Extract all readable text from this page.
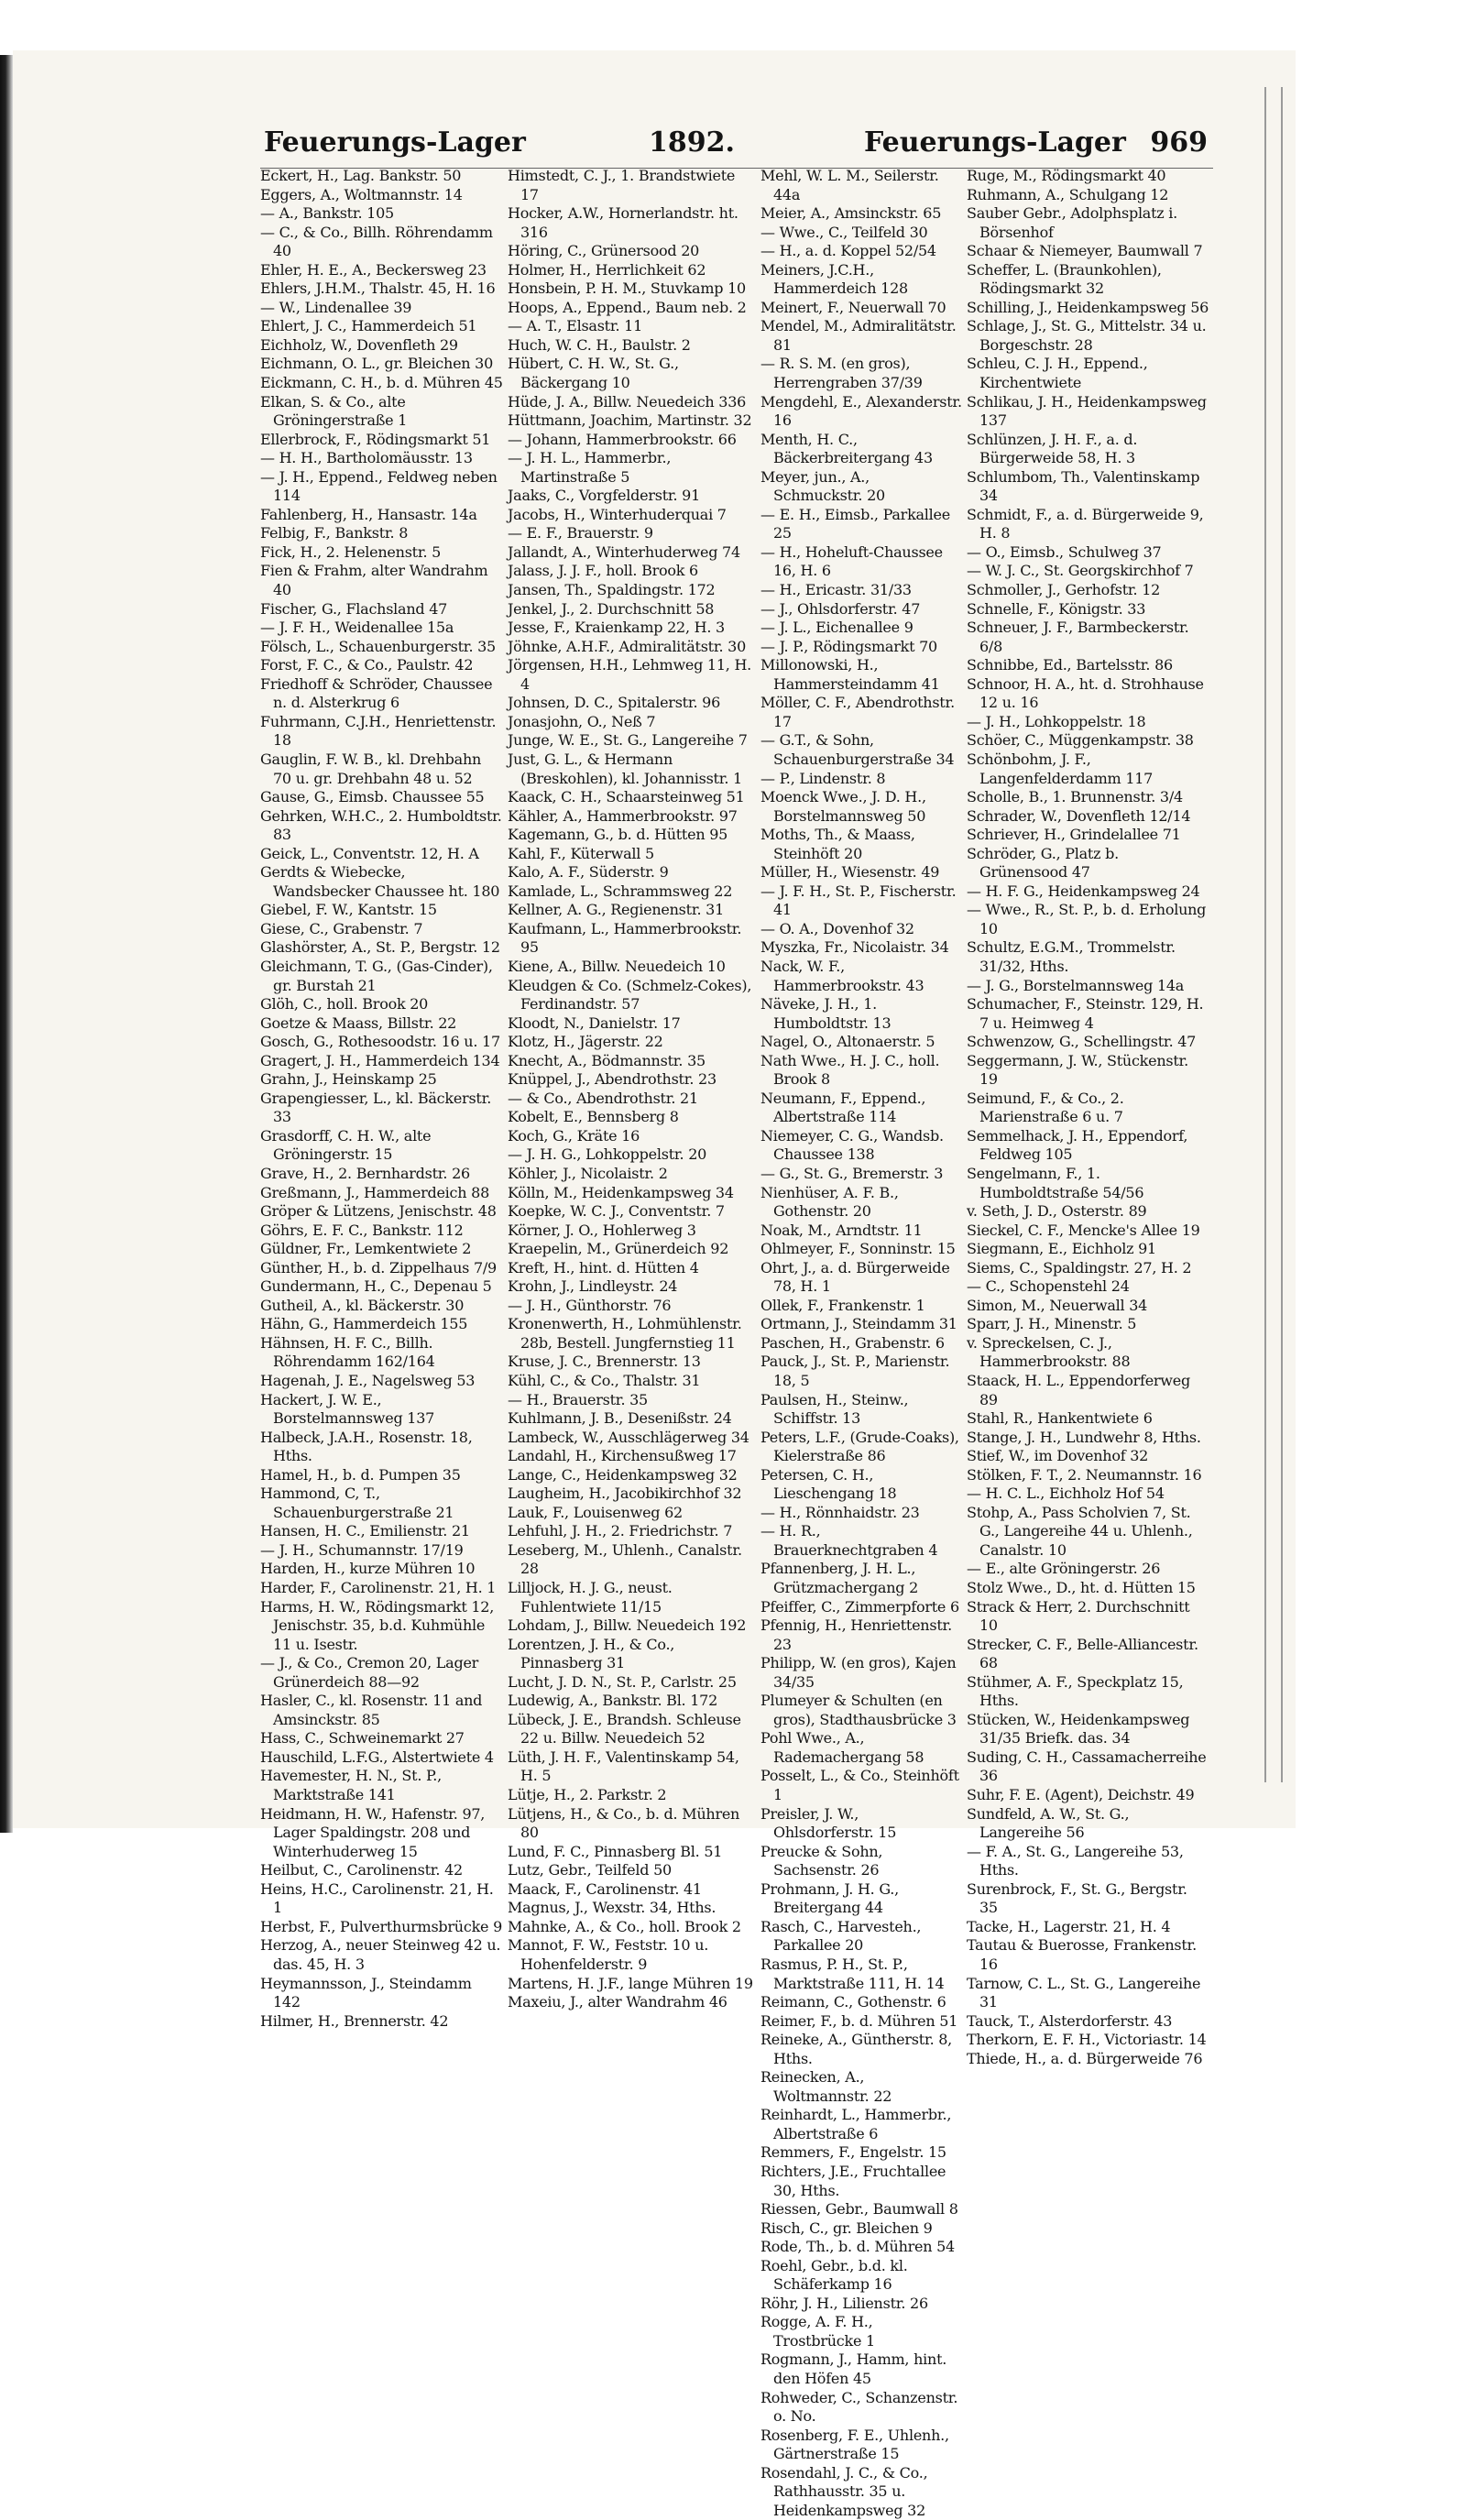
Feuerungs-Lager	1892.	Feuerungs-Lager 969
Eckert, H., Lag. Bankstr. 50
Eggers, A., Woltmannstr. 14
— A., Bankstr. 105
— C., & Co., Billh. Röhrendamm 40
Ehler, H. E., A., Beckersweg 23
Ehlers, J.H.M., Thalstr. 45, H. 16
— W., Lindenallee 39
Ehlert, J. C., Hammerdeich 51
Eichholz, W., Dovenfleth 29
Eichmann, O. L., gr. Bleichen 30
Eickmann, C. H., b. d. Mühren 45
Elkan, S. & Co., alte Gröningerstraße 1
Ellerbrock, F., Rödingsmarkt 51
— H. H., Bartholomäusstr. 13
— J. H., Eppend., Feldweg neben 114
Fahlenberg, H., Hansastr. 14a
Felbig, F., Bankstr. 8
Fick, H., 2. Helenenstr. 5
Fien & Frahm, alter Wandrahm 40
Fischer, G., Flachsland 47
— J. F. H., Weidenallee 15a
Fölsch, L., Schauenburgerstr. 35
Forst, F. C., & Co., Paulstr. 42
Friedhoff & Schröder, Chaussee n. d. Alsterkrug 6
Fuhrmann, C.J.H., Henriettenstr. 18
Gauglin, F. W. B., kl. Drehbahn 70 u. gr. Drehbahn 48 u. 52
Gause, G., Eimsb. Chaussee 55
Gehrken, W.H.C., 2. Humboldtstr. 83
Geick, L., Conventstr. 12, H. A
Gerdts & Wiebecke, Wandsbecker Chaussee ht. 180
Giebel, F. W., Kantstr. 15
Giese, C., Grabenstr. 7
Glashörster, A., St. P., Bergstr. 12
Gleichmann, T. G., (Gas-Cinder), gr. Burstah 21
Glöh, C., holl. Brook 20
Goetze & Maass, Billstr. 22
Gosch, G., Rothesoodstr. 16 u. 17
Gragert, J. H., Hammerdeich 134
Grahn, J., Heinskamp 25
Grapengiesser, L., kl. Bäckerstr. 33
Grasdorff, C. H. W., alte Gröningerstr. 15
Grave, H., 2. Bernhardstr. 26
Greßmann, J., Hammerdeich 88
Gröper & Lützens, Jenischstr. 48
Göhrs, E. F. C., Bankstr. 112
Güldner, Fr., Lemkentwiete 2
Günther, H., b. d. Zippelhaus 7/9
Gundermann, H., C., Depenau 5
Gutheil, A., kl. Bäckerstr. 30
Hähn, G., Hammerdeich 155
Hähnsen, H. F. C., Billh. Röhrendamm 162/164
Hagenah, J. E., Nagelsweg 53
Hackert, J. W. E., Borstelmannsweg 137
Halbeck, J.A.H., Rosenstr. 18, Hths.
Hamel, H., b. d. Pumpen 35
Hammond, C, T., Schauenburgerstraße 21
Hansen, H. C., Emilienstr. 21
— J. H., Schumannstr. 17/19
Harden, H., kurze Mühren 10
Harder, F., Carolinenstr. 21, H. 1
Harms, H. W., Rödingsmarkt 12, Jenischstr. 35, b.d. Kuhmühle 11 u. Isestr.
— J., & Co., Cremon 20, Lager Grünerdeich 88—92
Hasler, C., kl. Rosenstr. 11 and Amsinckstr. 85
Hass, C., Schweinemarkt 27
Hauschild, L.F.G., Alstertwiete 4
Havemester, H. N., St. P., Marktstraße 141
Heidmann, H. W., Hafenstr. 97, Lager Spaldingstr. 208 und Winterhuderweg 15
Heilbut, C., Carolinenstr. 42
Heins, H.C., Carolinenstr. 21, H. 1
Herbst, F., Pulverthurmsbrücke 9
Herzog, A., neuer Steinweg 42 u. das. 45, H. 3
Heymannsson, J., Steindamm 142
Hilmer, H., Brennerstr. 42
Himstedt, C. J., 1. Brandstwiete 17
Hocker, A.W., Hornerlandstr. ht. 316
Höring, C., Grünersood 20
Holmer, H., Herrlichkeit 62
Honsbein, P. H. M., Stuvkamp 10
Hoops, A., Eppend., Baum neb. 2
— A. T., Elsastr. 11
Huch, W. C. H., Baulstr. 2
Hübert, C. H. W., St. G., Bäckergang 10
Hüde, J. A., Billw. Neuedeich 336
Hüttmann, Joachim, Martinstr. 32
— Johann, Hammerbrookstr. 66
— J. H. L., Hammerbr., Martinstraße 5
Jaaks, C., Vorgfelderstr. 91
Jacobs, H., Winterhuderquai 7
— E. F., Brauerstr. 9
Jallandt, A., Winterhuderweg 74
Jalass, J. J. F., holl. Brook 6
Jansen, Th., Spaldingstr. 172
Jenkel, J., 2. Durchschnitt 58
Jesse, F., Kraienkamp 22, H. 3
Jöhnke, A.H.F., Admiralitätstr. 30
Jörgensen, H.H., Lehmweg 11, H. 4
Johnsen, D. C., Spitalerstr. 96
Jonasjohn, O., Neß 7
Junge, W. E., St. G., Langereihe 7
Just, G. L., & Hermann (Breskohlen), kl. Johannisstr. 1
Kaack, C. H., Schaarsteinweg 51
Kähler, A., Hammerbrookstr. 97
Kagemann, G., b. d. Hütten 95
Kahl, F., Küterwall 5
Kalo, A. F., Süderstr. 9
Kamlade, L., Schrammsweg 22
Kellner, A. G., Regienenstr. 31
Kaufmann, L., Hammerbrookstr. 95
Kiene, A., Billw. Neuedeich 10
Kleudgen & Co. (Schmelz-Cokes), Ferdinandstr. 57
Kloodt, N., Danielstr. 17
Klotz, H., Jägerstr. 22
Knecht, A., Bödmannstr. 35
Knüppel, J., Abendrothstr. 23
— & Co., Abendrothstr. 21
Kobelt, E., Bennsberg 8
Koch, G., Kräte 16
— J. H. G., Lohkoppelstr. 20
Köhler, J., Nicolaistr. 2
Kölln, M., Heidenkampsweg 34
Koepke, W. C. J., Conventstr. 7
Körner, J. O., Hohlerweg 3
Kraepelin, M., Grünerdeich 92
Kreft, H., hint. d. Hütten 4
Krohn, J., Lindleystr. 24
— J. H., Günthorstr. 76
Kronenwerth, H., Lohmühlenstr. 28b, Bestell. Jungfernstieg 11
Kruse, J. C., Brennerstr. 13
Kühl, C., & Co., Thalstr. 31
— H., Brauerstr. 35
Kuhlmann, J. B., Desenißstr. 24
Lambeck, W., Ausschlägerweg 34
Landahl, H., Kirchensußweg 17
Lange, C., Heidenkampsweg 32
Laugheim, H., Jacobikirchhof 32
Lauk, F., Louisenweg 62
Lehfuhl, J. H., 2. Friedrichstr. 7
Leseberg, M., Uhlenh., Canalstr. 28
Lilljock, H. J. G., neust. Fuhlentwiete 11/15
Lohdam, J., Billw. Neuedeich 192
Lorentzen, J. H., & Co., Pinnasberg 31
Lucht, J. D. N., St. P., Carlstr. 25
Ludewig, A., Bankstr. Bl. 172
Lübeck, J. E., Brandsh. Schleuse 22 u. Billw. Neuedeich 52
Lüth, J. H. F., Valentinskamp 54, H. 5
Lütje, H., 2. Parkstr. 2
Lütjens, H., & Co., b. d. Mühren 80
Lund, F. C., Pinnasberg Bl. 51
Lutz, Gebr., Teilfeld 50
Maack, F., Carolinenstr. 41
Magnus, J., Wexstr. 34, Hths.
Mahnke, A., & Co., holl. Brook 2
Mannot, F. W., Feststr. 10 u. Hohenfelderstr. 9
Martens, H. J.F., lange Mühren 19
Maxeiu, J., alter Wandrahm 46
Mehl, W. L. M., Seilerstr. 44a
Meier, A., Amsinckstr. 65
— Wwe., C., Teilfeld 30
— H., a. d. Koppel 52/54
Meiners, J.C.H., Hammerdeich 128
Meinert, F., Neuerwall 70
Mendel, M., Admiralitätstr. 81
— R. S. M. (en gros), Herrengraben 37/39
Mengdehl, E., Alexanderstr. 16
Menth, H. C., Bäckerbreitergang 43
Meyer, jun., A., Schmuckstr. 20
— E. H., Eimsb., Parkallee 25
— H., Hoheluft-Chaussee 16, H. 6
— H., Ericastr. 31/33
— J., Ohlsdorferstr. 47
— J. L., Eichenallee 9
— J. P., Rödingsmarkt 70
Millonowski, H., Hammersteindamm 41
Möller, C. F., Abendrothstr. 17
— G.T., & Sohn, Schauenburgerstraße 34
— P., Lindenstr. 8
Moenck Wwe., J. D. H., Borstelmannsweg 50
Moths, Th., & Maass, Steinhöft 20
Müller, H., Wiesenstr. 49
— J. F. H., St. P., Fischerstr. 41
— O. A., Dovenhof 32
Myszka, Fr., Nicolaistr. 34
Nack, W. F., Hammerbrookstr. 43
Näveke, J. H., 1. Humboldtstr. 13
Nagel, O., Altonaerstr. 5
Nath Wwe., H. J. C., holl. Brook 8
Neumann, F., Eppend., Albertstraße 114
Niemeyer, C. G., Wandsb. Chaussee 138
— G., St. G., Bremerstr. 3
Nienhüser, A. F. B., Gothenstr. 20
Noak, M., Arndtstr. 11
Ohlmeyer, F., Sonninstr. 15
Ohrt, J., a. d. Bürgerweide 78, H. 1
Ollek, F., Frankenstr. 1
Ortmann, J., Steindamm 31
Paschen, H., Grabenstr. 6
Pauck, J., St. P., Marienstr. 18, 5
Paulsen, H., Steinw., Schiffstr. 13
Peters, L.F., (Grude-Coaks), Kielerstraße 86
Petersen, C. H., Lieschengang 18
— H., Rönnhaidstr. 23
— H. R., Brauerknechtgraben 4
Pfannenberg, J. H. L., Grützmachergang 2
Pfeiffer, C., Zimmerpforte 6
Pfennig, H., Henriettenstr. 23
Philipp, W. (en gros), Kajen 34/35
Plumeyer & Schulten (en gros), Stadthausbrücke 3
Pohl Wwe., A., Rademachergang 58
Posselt, L., & Co., Steinhöft 1
Preisler, J. W., Ohlsdorferstr. 15
Preucke & Sohn, Sachsenstr. 26
Prohmann, J. H. G., Breitergang 44
Rasch, C., Harvesteh., Parkallee 20
Rasmus, P. H., St. P., Marktstraße 111, H. 14
Reimann, C., Gothenstr. 6
Reimer, F., b. d. Mühren 51
Reineke, A., Güntherstr. 8, Hths.
Reinecken, A., Woltmannstr. 22
Reinhardt, L., Hammerbr., Albertstraße 6
Remmers, F., Engelstr. 15
Richters, J.E., Fruchtallee 30, Hths.
Riessen, Gebr., Baumwall 8
Risch, C., gr. Bleichen 9
Rode, Th., b. d. Mühren 54
Roehl, Gebr., b.d. kl. Schäferkamp 16
Röhr, J. H., Lilienstr. 26
Rogge, A. F. H., Trostbrücke 1
Rogmann, J., Hamm, hint. den Höfen 45
Rohweder, C., Schanzenstr. o. No.
Rosenberg, F. E., Uhlenh., Gärtnerstraße 15
Rosendahl, J. C., & Co., Rathhausstr. 35 u. Heidenkampsweg 32
Ruge, M., Rödingsmarkt 40
Ruhmann, A., Schulgang 12
Sauber Gebr., Adolphsplatz i. Börsenhof
Schaar & Niemeyer, Baumwall 7
Scheffer, L. (Braunkohlen), Rödingsmarkt 32
Schilling, J., Heidenkampsweg 56
Schlage, J., St. G., Mittelstr. 34 u. Borgeschstr. 28
Schleu, C. J. H., Eppend., Kirchentwiete
Schlikau, J. H., Heidenkampsweg 137
Schlünzen, J. H. F., a. d. Bürgerweide 58, H. 3
Schlumbom, Th., Valentinskamp 34
Schmidt, F., a. d. Bürgerweide 9, H. 8
— O., Eimsb., Schulweg 37
— W. J. C., St. Georgskirchhof 7
Schmoller, J., Gerhofstr. 12
Schnelle, F., Königstr. 33
Schneuer, J. F., Barmbeckerstr. 6/8
Schnibbe, Ed., Bartelsstr. 86
Schnoor, H. A., ht. d. Strohhause 12 u. 16
— J. H., Lohkoppelstr. 18
Schöer, C., Müggenkampstr. 38
Schönbohm, J. F., Langenfelderdamm 117
Scholle, B., 1. Brunnenstr. 3/4
Schrader, W., Dovenfleth 12/14
Schriever, H., Grindelallee 71
Schröder, G., Platz b. Grünensood 47
— H. F. G., Heidenkampsweg 24
— Wwe., R., St. P., b. d. Erholung 10
Schultz, E.G.M., Trommelstr. 31/32, Hths.
— J. G., Borstelmannsweg 14a
Schumacher, F., Steinstr. 129, H. 7 u. Heimweg 4
Schwenzow, G., Schellingstr. 47
Seggermann, J. W., Stückenstr. 19
Seimund, F., & Co., 2. Marienstraße 6 u. 7
Semmelhack, J. H., Eppendorf, Feldweg 105
Sengelmann, F., 1. Humboldtstraße 54/56
v. Seth, J. D., Osterstr. 89
Sieckel, C. F., Mencke's Allee 19
Siegmann, E., Eichholz 91
Siems, C., Spaldingstr. 27, H. 2
— C., Schopenstehl 24
Simon, M., Neuerwall 34
Sparr, J. H., Minenstr. 5
v. Spreckelsen, C. J., Hammerbrookstr. 88
Staack, H. L., Eppendorferweg 89
Stahl, R., Hankentwiete 6
Stange, J. H., Lundwehr 8, Hths.
Stief, W., im Dovenhof 32
Stölken, F. T., 2. Neumannstr. 16
— H. C. L., Eichholz Hof 54
Stohp, A., Pass Scholvien 7, St. G., Langereihe 44 u. Uhlenh., Canalstr. 10
— E., alte Gröningerstr. 26
Stolz Wwe., D., ht. d. Hütten 15
Strack & Herr, 2. Durchschnitt 10
Strecker, C. F., Belle-Alliancestr. 68
Stühmer, A. F., Speckplatz 15, Hths.
Stücken, W., Heidenkampsweg 31/35 Briefk. das. 34
Suding, C. H., Cassamacherreihe 36
Suhr, F. E. (Agent), Deichstr. 49
Sundfeld, A. W., St. G., Langereihe 56
— F. A., St. G., Langereihe 53, Hths.
Surenbrock, F., St. G., Bergstr. 35
Tacke, H., Lagerstr. 21, H. 4
Tautau & Buerosse, Frankenstr. 16
Tarnow, C. L., St. G., Langereihe 31
Tauck, T., Alsterdorferstr. 43
Therkorn, E. F. H., Victoriastr. 14
Thiede, H., a. d. Bürgerweide 76
